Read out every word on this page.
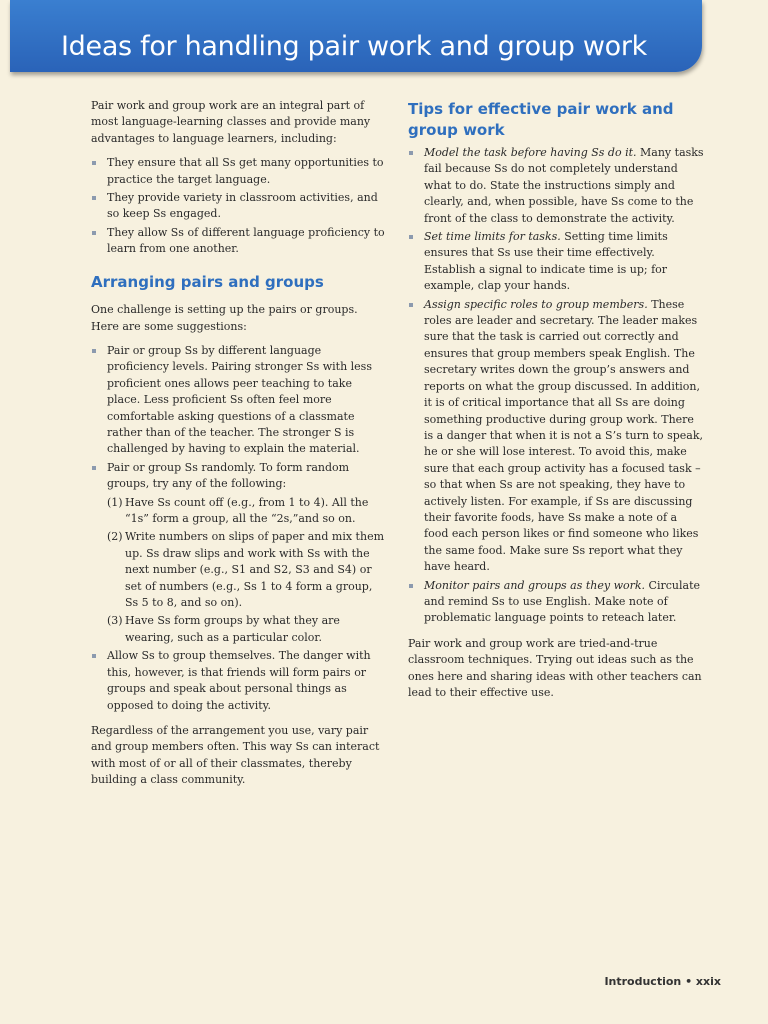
Ideas for handling pair work and group work

Pair work and group work are an integral part of most language-learning classes and provide many advantages to language learners, including:

They ensure that all Ss get many opportunities to practice the target language.
They provide variety in classroom activities, and so keep Ss engaged.
They allow Ss of different language proficiency to learn from one another.
Arranging pairs and groups

One challenge is setting up the pairs or groups. Here are some suggestions:

Pair or group Ss by different language proficiency levels. Pairing stronger Ss with less proficient ones allows peer teaching to take place. Less proficient Ss often feel more comfortable asking questions of a classmate rather than of the teacher. The stronger S is challenged by having to explain the material.
Pair or group Ss randomly. To form random groups, try any of the following:
(1) Have Ss count off (e.g., from 1 to 4). All the “1s” form a group, all the “2s,”and so on.
(2) Write numbers on slips of paper and mix them up. Ss draw slips and work with Ss with the next number (e.g., S1 and S2, S3 and S4) or set of numbers (e.g., Ss 1 to 4 form a group, Ss 5 to 8, and so on).
(3) Have Ss form groups by what they are wearing, such as a particular color.
Allow Ss to group themselves. The danger with this, however, is that friends will form pairs or groups and speak about personal things as opposed to doing the activity.

Regardless of the arrangement you use, vary pair and group members often. This way Ss can interact with most of or all of their classmates, thereby building a class community.

Tips for effective pair work and group work
Model the task before having Ss do it. Many tasks fail because Ss do not completely understand what to do. State the instructions simply and clearly, and, when possible, have Ss come to the front of the class to demonstrate the activity.
Set time limits for tasks. Setting time limits ensures that Ss use their time effectively. Establish a signal to indicate time is up; for example, clap your hands.
Assign specific roles to group members. These roles are leader and secretary. The leader makes sure that the task is carried out correctly and ensures that group members speak English. The secretary writes down the group’s answers and reports on what the group discussed. In addition, it is of critical importance that all Ss are doing something productive during group work. There is a danger that when it is not a S’s turn to speak, he or she will lose interest. To avoid this, make sure that each group activity has a focused task – so that when Ss are not speaking, they have to actively listen. For example, if Ss are discussing their favorite foods, have Ss make a note of a food each person likes or find someone who likes the same food. Make sure Ss report what they have heard.
Monitor pairs and groups as they work. Circulate and remind Ss to use English. Make note of problematic language points to reteach later.

Pair work and group work are tried-and-true classroom techniques. Trying out ideas such as the ones here and sharing ideas with other teachers can lead to their effective use.

Introduction • xxix
